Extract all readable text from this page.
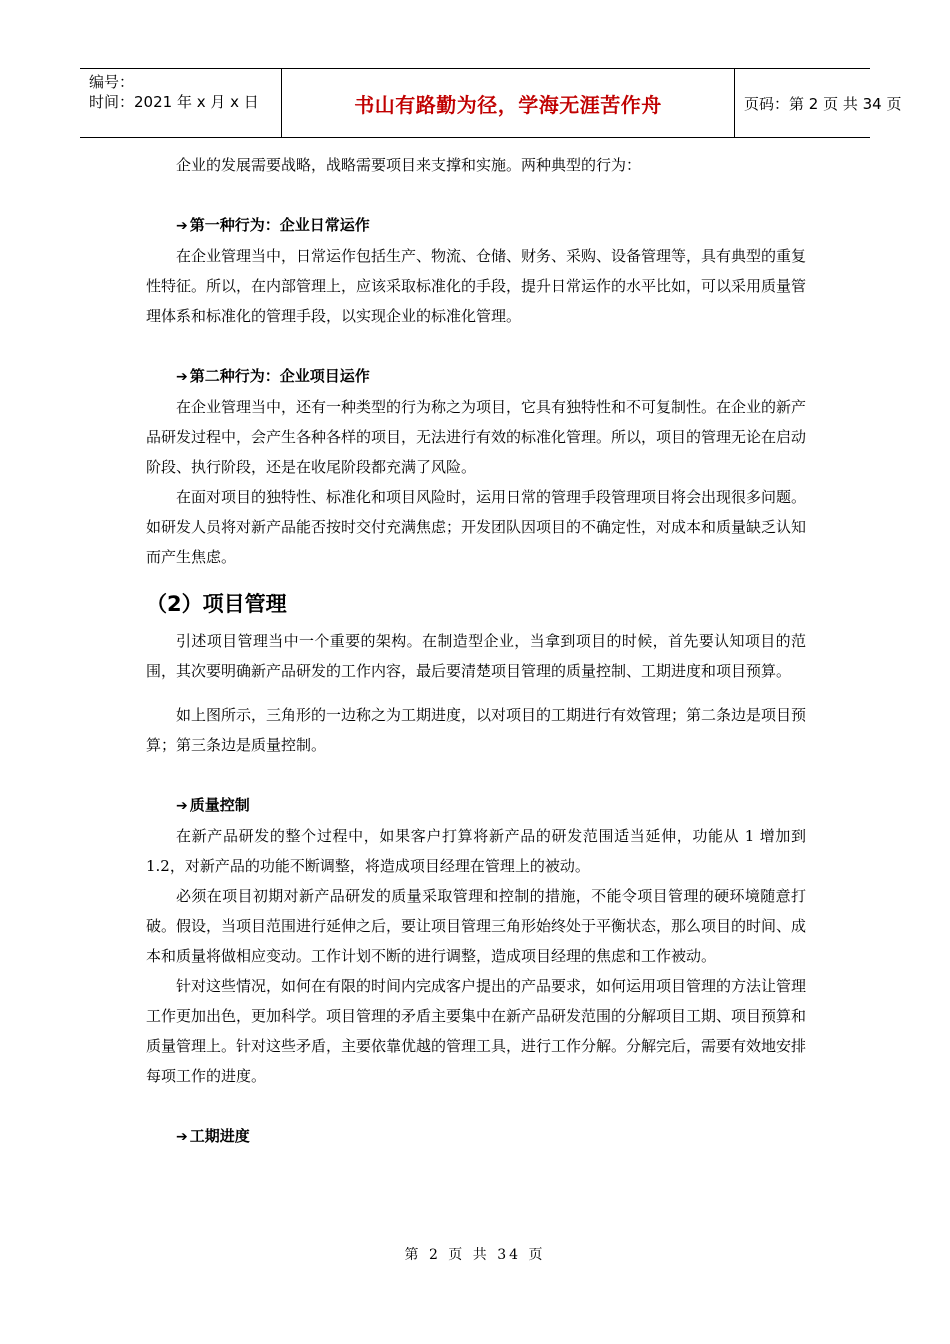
编号：
时间：2021 年 x 月 x 日	书山有路勤为径，学海无涯苦作舟	页码：第 2 页 共 34 页

企业的发展需要战略，战略需要项目来支撑和实施。两种典型的行为：

➔ 第一种行为：企业日常运作

在企业管理当中，日常运作包括生产、物流、仓储、财务、采购、设备管理等，具有典型的重复性特征。所以，在内部管理上，应该采取标准化的手段，提升日常运作的水平比如，可以采用质量管理体系和标准化的管理手段，以实现企业的标准化管理。

➔ 第二种行为：企业项目运作

在企业管理当中，还有一种类型的行为称之为项目，它具有独特性和不可复制性。在企业的新产品研发过程中，会产生各种各样的项目，无法进行有效的标准化管理。所以，项目的管理无论在启动阶段、执行阶段，还是在收尾阶段都充满了风险。

在面对项目的独特性、标准化和项目风险时，运用日常的管理手段管理项目将会出现很多问题。如研发人员将对新产品能否按时交付充满焦虑；开发团队因项目的不确定性，对成本和质量缺乏认知而产生焦虑。

（2）项目管理

引述项目管理当中一个重要的架构。在制造型企业，当拿到项目的时候，首先要认知项目的范围，其次要明确新产品研发的工作内容，最后要清楚项目管理的质量控制、工期进度和项目预算。

如上图所示，三角形的一边称之为工期进度，以对项目的工期进行有效管理；第二条边是项目预算；第三条边是质量控制。

➔ 质量控制

在新产品研发的整个过程中，如果客户打算将新产品的研发范围适当延伸，功能从 1 增加到 1.2，对新产品的功能不断调整，将造成项目经理在管理上的被动。

必须在项目初期对新产品研发的质量采取管理和控制的措施，不能令项目管理的硬环境随意打破。假设，当项目范围进行延伸之后，要让项目管理三角形始终处于平衡状态，那么项目的时间、成本和质量将做相应变动。工作计划不断的进行调整，造成项目经理的焦虑和工作被动。

针对这些情况，如何在有限的时间内完成客户提出的产品要求，如何运用项目管理的方法让管理工作更加出色，更加科学。项目管理的矛盾主要集中在新产品研发范围的分解项目工期、项目预算和质量管理上。针对这些矛盾，主要依靠优越的管理工具，进行工作分解。分解完后，需要有效地安排每项工作的进度。

➔ 工期进度
第 2 页 共 34 页
